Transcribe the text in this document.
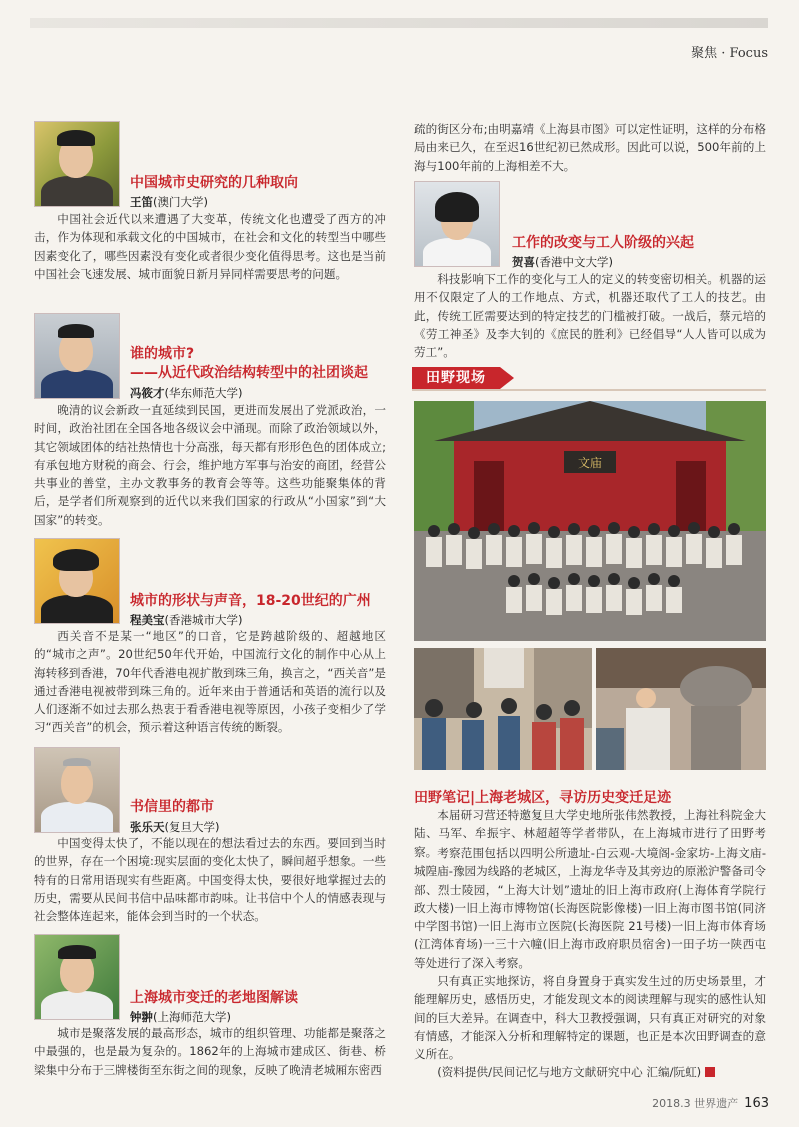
聚焦 · Focus
中国城市史研究的几种取向
王笛(澳门大学)

中国社会近代以来遭遇了大变革，传统文化也遭受了西方的冲击，作为体现和承载文化的中国城市，在社会和文化的转型当中哪些因素变化了，哪些因素没有变化或者很少变化值得思考。这也是当前中国社会飞速发展、城市面貌日新月异同样需要思考的问题。

谁的城市?
——从近代政治结构转型中的社团谈起
冯筱才(华东师范大学)

晚清的议会新政一直延续到民国，更进而发展出了党派政治，一时间，政治社团在全国各地各级议会中涌现。而除了政治领域以外，其它领域团体的结社热情也十分高涨，每天都有形形色色的团体成立;有承包地方财税的商会、行会，维护地方军事与治安的商团，经营公共事业的善堂，主办文教事务的教育会等等。这些功能聚集体的背后，是学者们所观察到的近代以来我们国家的行政从“小国家”到“大国家”的转变。

城市的形状与声音，18-20世纪的广州
程美宝(香港城市大学)

西关音不是某一“地区”的口音，它是跨越阶级的、超越地区的“城市之声”。20世纪50年代开始，中国流行文化的制作中心从上海转移到香港，70年代香港电视扩散到珠三角，换言之，“西关音”是通过香港电视被带到珠三角的。近年来由于普通话和英语的流行以及人们逐渐不如过去那么热衷于看香港电视等原因，小孩子变相少了学习“西关音”的机会，预示着这种语言传统的断裂。

书信里的都市
张乐天(复旦大学)

中国变得太快了，不能以现在的想法看过去的东西。要回到当时的世界，存在一个困境:现实层面的变化太快了，瞬间超乎想象。一些特有的日常用语现实有些距离。中国变得太快，要很好地掌握过去的历史，需要从民间书信中品味都市韵味。让书信中个人的情感表现与社会整体连起来，能体会到当时的一个状态。

上海城市变迁的老地图解读
钟翀(上海师范大学)

城市是聚落发展的最高形态，城市的组织管理、功能都是聚落之中最强的，也是最为复杂的。1862年的上海城市建成区、街巷、桥梁集中分布于三牌楼街至东街之间的现象，反映了晚清老城厢东密西

疏的街区分布;由明嘉靖《上海县市图》可以定性证明，这样的分布格局由来已久，在至迟16世纪初已然成形。因此可以说，500年前的上海与100年前的上海相差不大。

工作的改变与工人阶级的兴起
贺喜(香港中文大学)

科技影响下工作的变化与工人的定义的转变密切相关。机器的运用不仅限定了人的工作地点、方式，机器还取代了工人的技艺。由此，传统工匠需要达到的特定技艺的门槛被打破。一战后，蔡元培的《劳工神圣》及李大钊的《庶民的胜利》已经倡导“人人皆可以成为劳工”。

田野现场
文庙
田野笔记|上海老城区，寻访历史变迁足迹

本届研习营还特邀复旦大学史地所张伟然教授，上海社科院金大陆、马军、牟振宇、林超超等学者带队，在上海城市进行了田野考察。 考察范围包括以四明公所遗址-白云观-大境阁-金家坊-上海文庙-城隍庙-豫园为线路的老城区，上海龙华寺及其旁边的原淞沪警备司令部、烈士陵园，“上海大计划”遗址的旧上海市政府(上海体育学院行政大楼)一旧上海市博物馆(长海医院影像楼)一旧上海市图书馆(同济中学图书馆)一旧上海市立医院(长海医院 21号楼)一旧上海市体育场(江湾体育场)一三十六幢(旧上海市政府职员宿舍)一田子坊一陕西屯等处进行了深入考察。

只有真正实地探访，将自身置身于真实发生过的历史场景里，才能理解历史，感悟历史，才能发现文本的阅读理解与现实的感性认知间的巨大差异。在调查中，科大卫教授强调，只有真正对研究的对象有情感，才能深入分析和理解特定的课题，也正是本次田野调查的意义所在。

(资料提供/民间记忆与地方文献研究中心 汇编/阮虹)

2018.3 世界遗产 163
